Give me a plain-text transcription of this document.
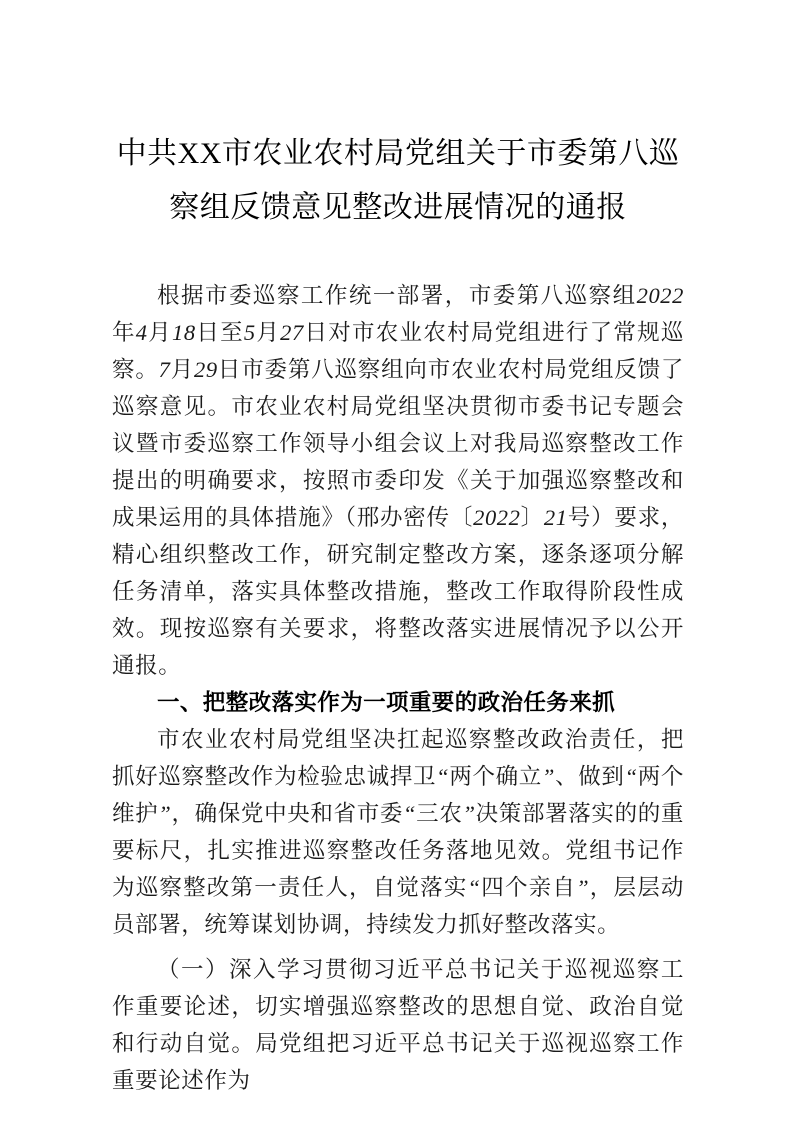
中共XX市农业农村局党组关于市委第八巡察组反馈意见整改进展情况的通报

根据市委巡察工作统一部署，市委第八巡察组2022年4月18日至5月27日对市农业农村局党组进行了常规巡察。7月29日市委第八巡察组向市农业农村局党组反馈了巡察意见。市农业农村局党组坚决贯彻市委书记专题会议暨市委巡察工作领导小组会议上对我局巡察整改工作提出的明确要求，按照市委印发《关于加强巡察整改和成果运用的具体措施》（邢办密传〔2022〕21号）要求，精心组织整改工作，研究制定整改方案，逐条逐项分解任务清单，落实具体整改措施，整改工作取得阶段性成效。现按巡察有关要求，将整改落实进展情况予以公开通报。

一、把整改落实作为一项重要的政治任务来抓

市农业农村局党组坚决扛起巡察整改政治责任，把抓好巡察整改作为检验忠诚捍卫“两个确立”、做到“两个维护”，确保党中央和省市委“三农”决策部署落实的的重要标尺，扎实推进巡察整改任务落地见效。党组书记作为巡察整改第一责任人，自觉落实“四个亲自”，层层动员部署，统筹谋划协调，持续发力抓好整改落实。

（一）深入学习贯彻习近平总书记关于巡视巡察工作重要论述，切实增强巡察整改的思想自觉、政治自觉和行动自觉。局党组把习近平总书记关于巡视巡察工作重要论述作为
